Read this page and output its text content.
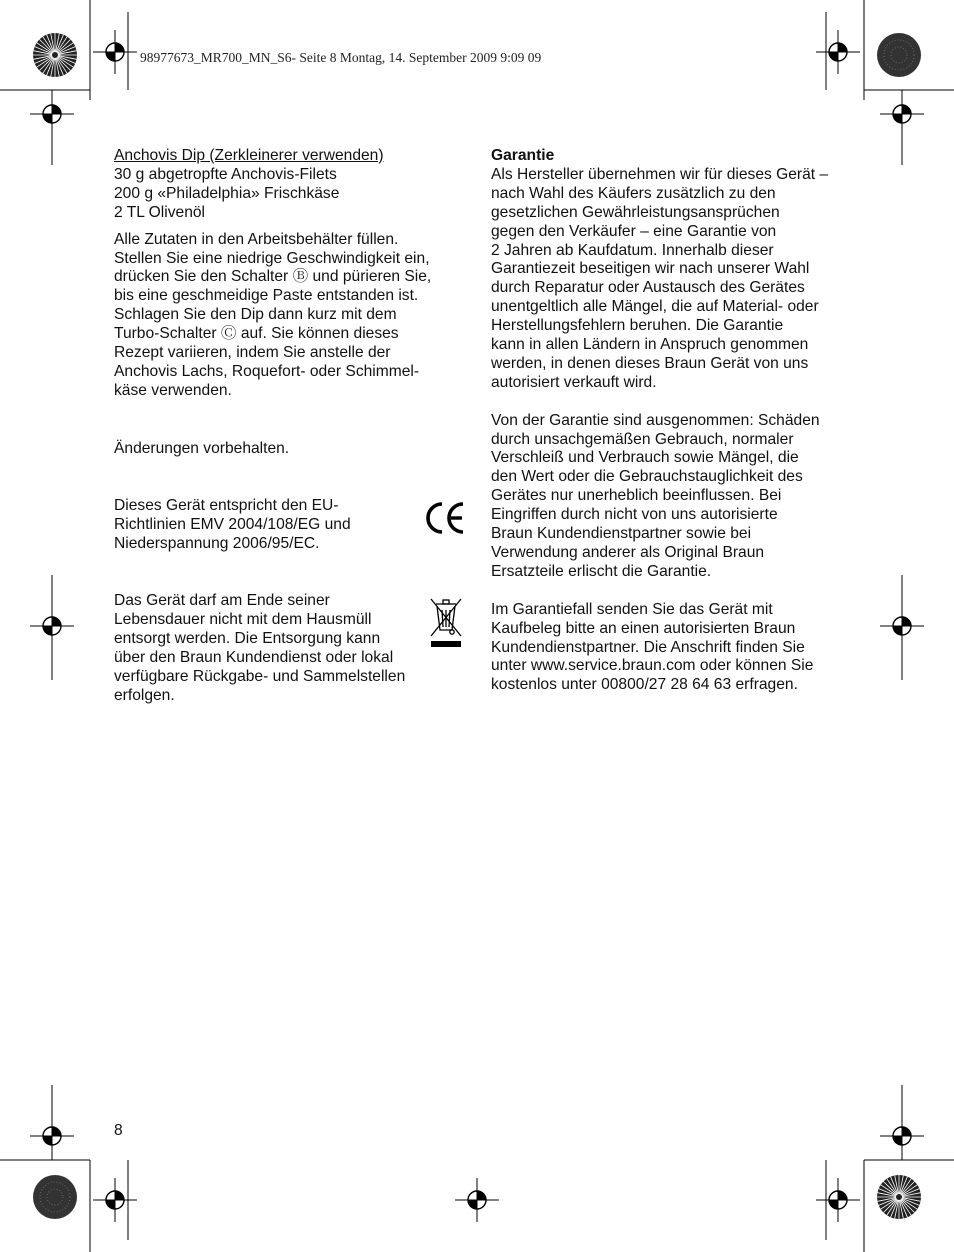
98977673_MR700_MN_S6- Seite 8 Montag, 14. September 2009 9:09 09
Anchovis Dip (Zerkleinerer verwenden)
30 g abgetropfte Anchovis-Filets
200 g «Philadelphia» Frischkäse
2 TL Olivenöl
Alle Zutaten in den Arbeitsbehälter füllen.
Stellen Sie eine niedrige Geschwindigkeit ein,
drücken Sie den Schalter Ⓑ und pürieren Sie,
bis eine geschmeidige Paste entstanden ist.
Schlagen Sie den Dip dann kurz mit dem
Turbo-Schalter Ⓒ auf. Sie können dieses
Rezept variieren, indem Sie anstelle der
Anchovis Lachs, Roquefort- oder Schimmel-
käse verwenden.
Änderungen vorbehalten.
Dieses Gerät entspricht den EU-
Richtlinien EMV 2004/108/EG und
Niederspannung 2006/95/EC.
Das Gerät darf am Ende seiner
Lebensdauer nicht mit dem Hausmüll
entsorgt werden. Die Entsorgung kann
über den Braun Kundendienst oder lokal
verfügbare Rückgabe- und Sammelstellen
erfolgen.
Garantie
Als Hersteller übernehmen wir für dieses Gerät –
nach Wahl des Käufers zusätzlich zu den
gesetzlichen Gewährleistungsansprüchen
gegen den Verkäufer – eine Garantie von
2 Jahren ab Kaufdatum. Innerhalb dieser
Garantiezeit beseitigen wir nach unserer Wahl
durch Reparatur oder Austausch des Gerätes
unentgeltlich alle Mängel, die auf Material- oder
Herstellungsfehlern beruhen. Die Garantie
kann in allen Ländern in Anspruch genommen
werden, in denen dieses Braun Gerät von uns
autorisiert verkauft wird.
Von der Garantie sind ausgenommen: Schäden
durch unsachgemäßen Gebrauch, normaler
Verschleiß und Verbrauch sowie Mängel, die
den Wert oder die Gebrauchstauglichkeit des
Gerätes nur unerheblich beeinflussen. Bei
Eingriffen durch nicht von uns autorisierte
Braun Kundendienstpartner sowie bei
Verwendung anderer als Original Braun
Ersatzteile erlischt die Garantie.
Im Garantiefall senden Sie das Gerät mit
Kaufbeleg bitte an einen autorisierten Braun
Kundendienstpartner. Die Anschrift finden Sie
unter www.service.braun.com oder können Sie
kostenlos unter 00800/27 28 64 63 erfragen.
8
